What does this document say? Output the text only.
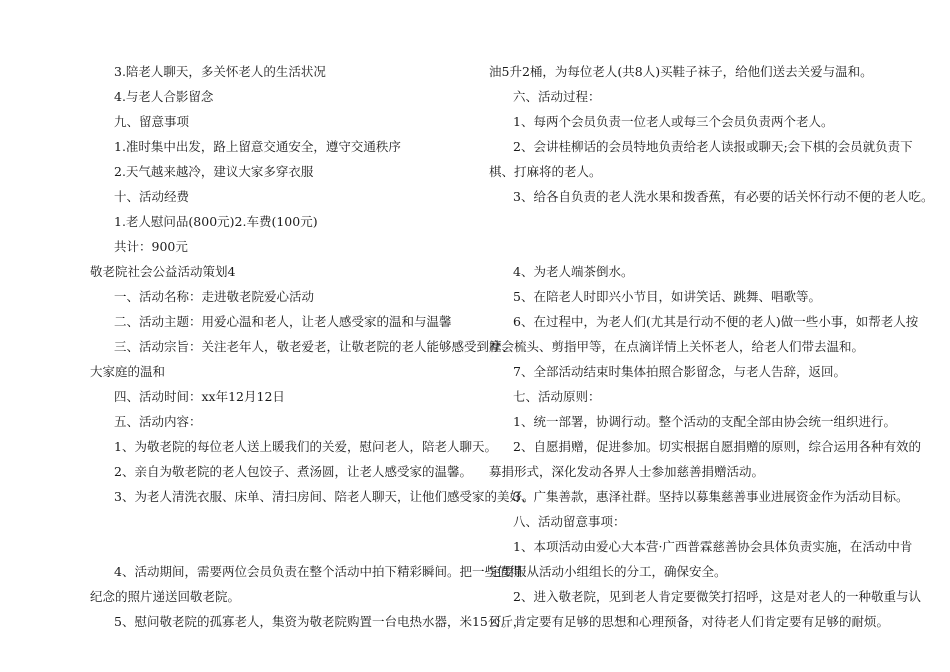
3.陪老人聊天，多关怀老人的生活状况

4.与老人合影留念

九、留意事项

1.准时集中出发，路上留意交通安全，遵守交通秩序

2.天气越来越冷，建议大家多穿衣服

十、活动经费

1.老人慰问品(800元)2.车费(100元)

共计：900元

敬老院社会公益活动策划4

一、活动名称：走进敬老院爱心活动

二、活动主题：用爱心温和老人，让老人感受家的温和与温馨

三、活动宗旨：关注老年人，敬老爱老，让敬老院的老人能够感受到社会

大家庭的温和

四、活动时间：xx年12月12日

五、活动内容：

1、为敬老院的每位老人送上暖我们的关爱，慰问老人，陪老人聊天。

2、亲自为敬老院的老人包饺子、煮汤圆，让老人感受家的温馨。

3、为老人清洗衣服、床单、清扫房间、陪老人聊天，让他们感受家的美好。

4、活动期间，需要两位会员负责在整个活动中拍下精彩瞬间。把一些值得

纪念的照片递送回敬老院。

5、慰问敬老院的孤寡老人，集资为敬老院购置一台电热水器，米15公斤，

油5升2桶，为每位老人(共8人)买鞋子袜子，给他们送去关爱与温和。

六、活动过程：

1、每两个会员负责一位老人或每三个会员负责两个老人。

2、会讲桂柳话的会员特地负责给老人读报或聊天;会下棋的会员就负责下

棋、打麻将的老人。

3、给各自负责的老人洗水果和拨香蕉，有必要的话关怀行动不便的老人吃。

4、为老人端茶倒水。

5、在陪老人时即兴小节目，如讲笑话、跳舞、唱歌等。

6、在过程中，为老人们(尤其是行动不便的老人)做一些小事，如帮老人按

摩、梳头、剪指甲等，在点滴详情上关怀老人，给老人们带去温和。

7、全部活动结束时集体拍照合影留念，与老人告辞，返回。

七、活动原则：

1、统一部署，协调行动。整个活动的支配全部由协会统一组织进行。

2、自愿捐赠，促进参加。切实根据自愿捐赠的原则，综合运用各种有效的

募捐形式，深化发动各界人士参加慈善捐赠活动。

3、广集善款，惠泽社群。坚持以募集慈善事业进展资金作为活动目标。

八、活动留意事项：

1、本项活动由爱心大本营·广西普霖慈善协会具体负责实施，在活动中肯

定要服从活动小组组长的分工，确保安全。

2、进入敬老院，见到老人肯定要微笑打招呼，这是对老人的一种敬重与认

可。肯定要有足够的思想和心理预备，对待老人们肯定要有足够的耐烦。
